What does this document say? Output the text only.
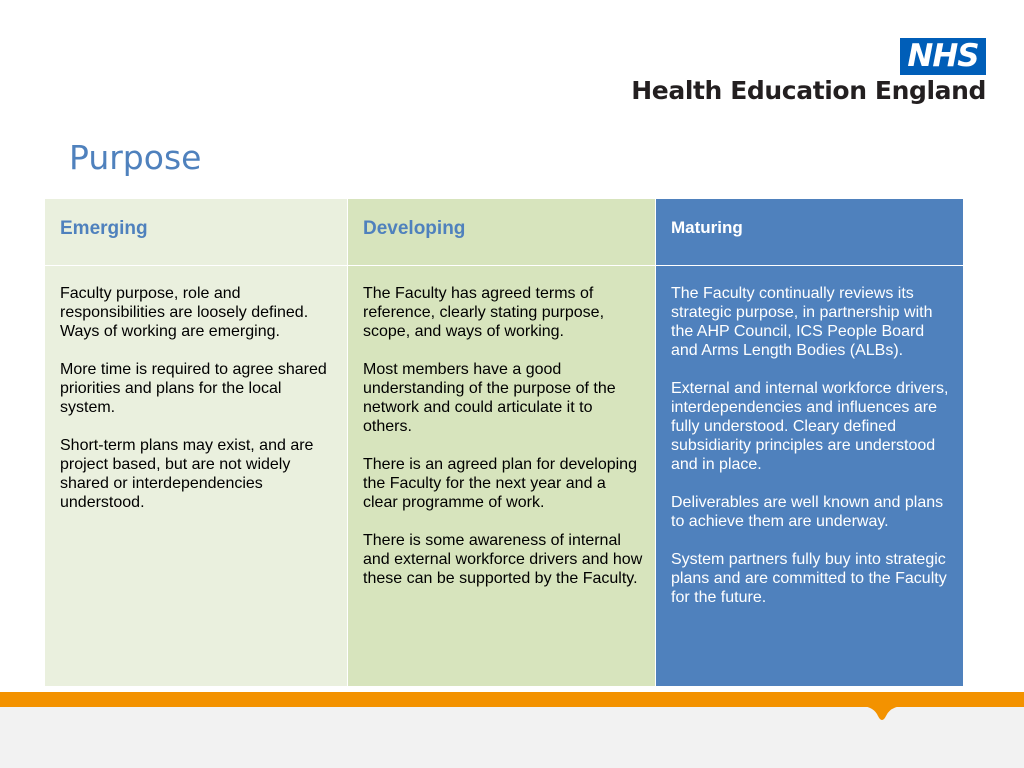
NHS
Health Education England
Purpose
Emerging	Developing	Maturing

Faculty purpose, role and responsibilities are loosely defined. Ways of working are emerging.

More time is required to agree shared priorities and plans for the local system.

Short-term plans may exist, and are project based, but are not widely shared or interdependencies understood.

The Faculty has agreed terms of reference, clearly stating purpose, scope, and ways of working.

Most members have a good understanding of the purpose of the network and could articulate it to others.

There is an agreed plan for developing the Faculty for the next year and a clear programme of work.

There is some awareness of internal and external workforce drivers and how these can be supported by the Faculty.

The Faculty continually reviews its strategic purpose, in partnership with the AHP Council, ICS People Board and Arms Length Bodies (ALBs).

External and internal workforce drivers, interdependencies and influences are fully understood. Cleary defined subsidiarity principles are understood and in place.

Deliverables are well known and plans to achieve them are underway.

System partners fully buy into strategic plans and are committed to the Faculty for the future.
